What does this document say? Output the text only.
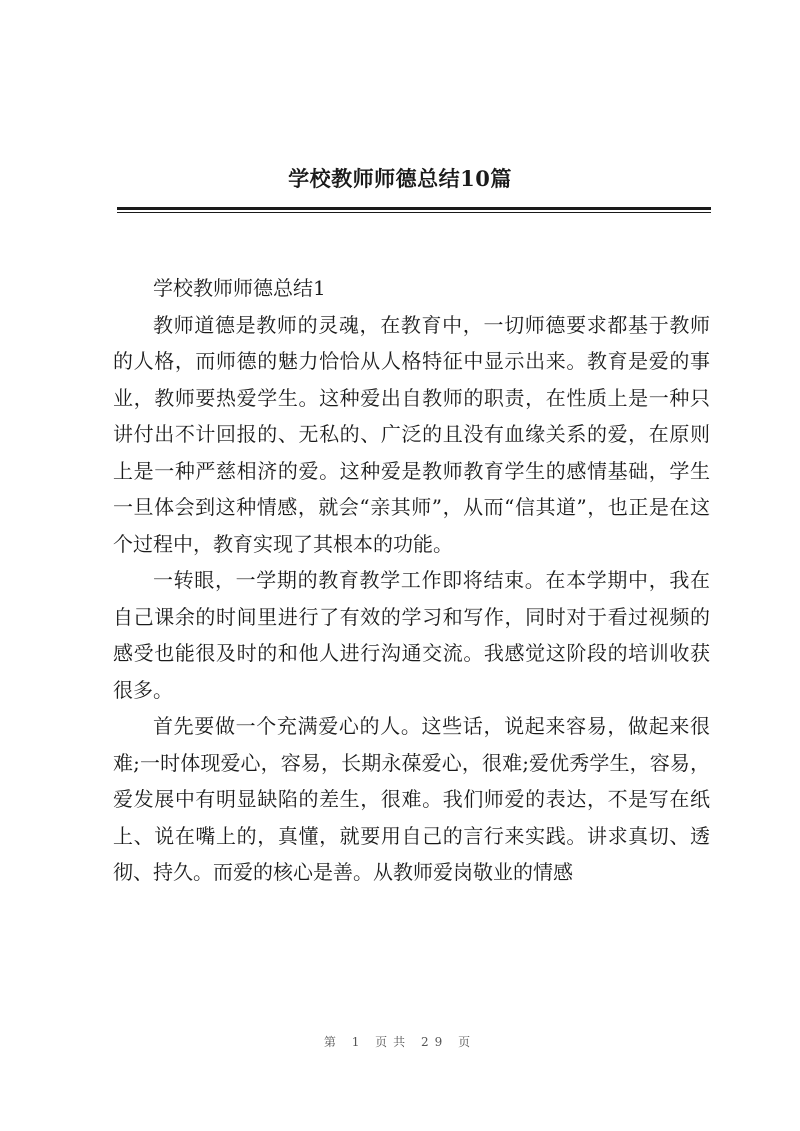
学校教师师德总结10篇
学校教师师德总结1

教师道德是教师的灵魂，在教育中，一切师德要求都基于教师的人格，而师德的魅力恰恰从人格特征中显示出来。教育是爱的事业，教师要热爱学生。这种爱出自教师的职责，在性质上是一种只讲付出不计回报的、无私的、广泛的且没有血缘关系的爱，在原则上是一种严慈相济的爱。这种爱是教师教育学生的感情基础，学生一旦体会到这种情感，就会“亲其师”，从而“信其道”，也正是在这个过程中，教育实现了其根本的功能。

一转眼，一学期的教育教学工作即将结束。在本学期中，我在自己课余的时间里进行了有效的学习和写作，同时对于看过视频的感受也能很及时的和他人进行沟通交流。我感觉这阶段的培训收获很多。

首先要做一个充满爱心的人。这些话，说起来容易，做起来很难;一时体现爱心，容易，长期永葆爱心，很难;爱优秀学生，容易，爱发展中有明显缺陷的差生，很难。我们师爱的表达，不是写在纸上、说在嘴上的，真懂，就要用自己的言行来实践。讲求真切、透彻、持久。而爱的核心是善。从教师爱岗敬业的情感

第 1 页共 29 页
